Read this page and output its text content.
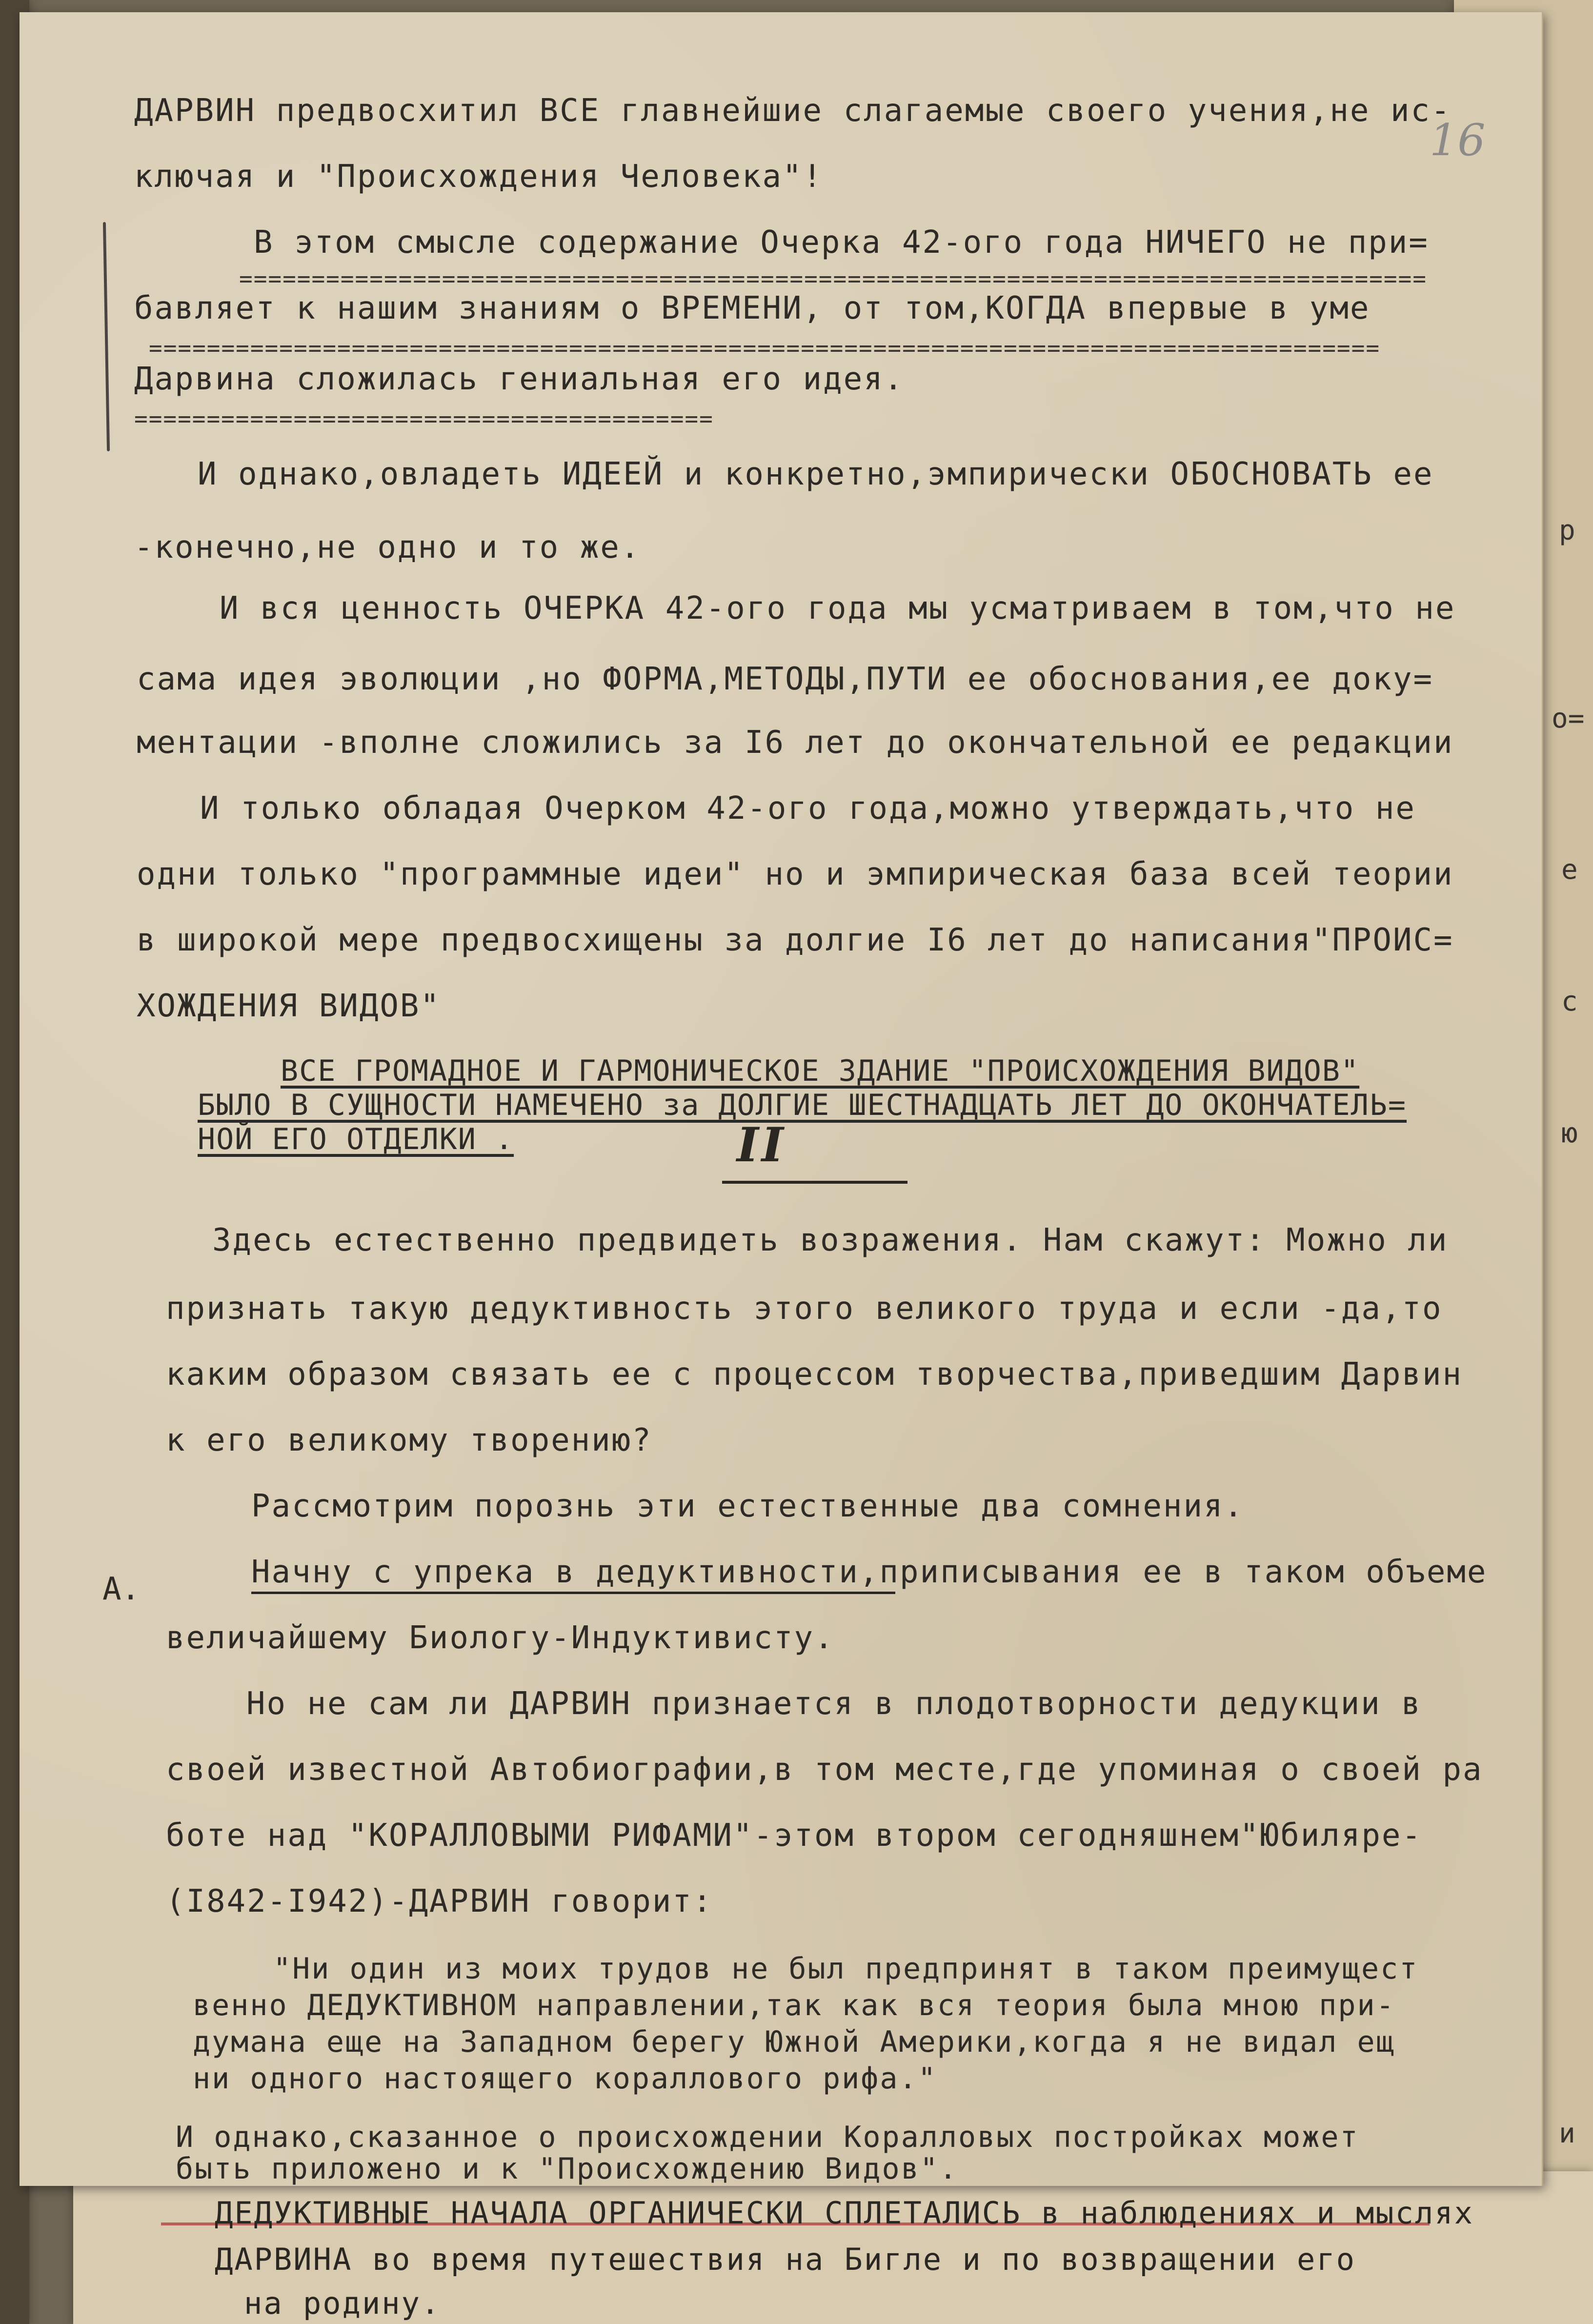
р
о=
е
с
ю
16
ДАРВИН предвосхитил ВСЕ главнейшие слагаемые своего учения,не ис-
ключая и "Происхождения Человека"!
В этом смысле содержание Очерка 42-ого года НИЧЕГО не при=
==================================================================================
бавляет к нашим знаниям о ВРЕМЕНИ, от том,КОГДА впервые в уме
=====================================================================================
Дарвина сложилась гениальная его идея.
========================================
И однако,овладеть ИДЕЕЙ и конкретно,эмпирически ОБОСНОВАТЬ ее
-конечно,не одно и то же.
И вся ценность ОЧЕРКА 42-ого года мы усматриваем в том,что не
сама идея эволюции ,но ФОРМА,МЕТОДЫ,ПУТИ ее обоснования,ее доку=
ментации -вполне сложились за I6 лет до окончательной ее редакции
И только обладая Очерком 42-ого года,можно утверждать,что не
одни только "программные идеи" но и эмпирическая база всей теории
в широкой мере предвосхищены за долгие I6 лет до написания"ПРОИС=
ХОЖДЕНИЯ ВИДОВ"
ВСЕ ГРОМАДНОЕ И ГАРМОНИЧЕСКОЕ ЗДАНИЕ "ПРОИСХОЖДЕНИЯ ВИДОВ"
БЫЛО В СУЩНОСТИ НАМЕЧЕНО за ДОЛГИЕ ШЕСТНАДЦАТЬ ЛЕТ ДО ОКОНЧАТЕЛЬ=
НОЙ ЕГО ОТДЕЛКИ .	II
Здесь естественно предвидеть возражения. Нам скажут: Можно ли
признать такую дедуктивность этого великого труда и если -да,то
каким образом связать ее с процессом творчества,приведшим Дарвин
к его великому творению?
Рассмотрим порознь эти естественные два сомнения.
А.	Начну с упрека в дедуктивности,приписывания ее в таком объеме
величайшему Биологу-Индуктивисту.
Но не сам ли ДАРВИН признается в плодотворности дедукции в
своей известной Автобиографии,в том месте,где упоминая о своей ра
боте над "КОРАЛЛОВЫМИ РИФАМИ"-этом втором сегодняшнем"Юбиляре-
(I842-I942)-ДАРВИН говорит:
"Ни один из моих трудов не был предпринят в таком преимущест
венно ДЕДУКТИВНОМ направлении,так как вся теория была мною при-
думана еще на Западном берегу Южной Америки,когда я не видал ещ
ни одного настоящего кораллового рифа."
И однако,сказанное о происхождении Коралловых постройках может
быть приложено и к "Происхождению Видов".
ДЕДУКТИВНЫЕ НАЧАЛА ОРГАНИЧЕСКИ СПЛЕТАЛИСЬ в наблюдениях и мыслях
ДАРВИНА во время путешествия на Бигле и по возвращении его
на родину.
и
